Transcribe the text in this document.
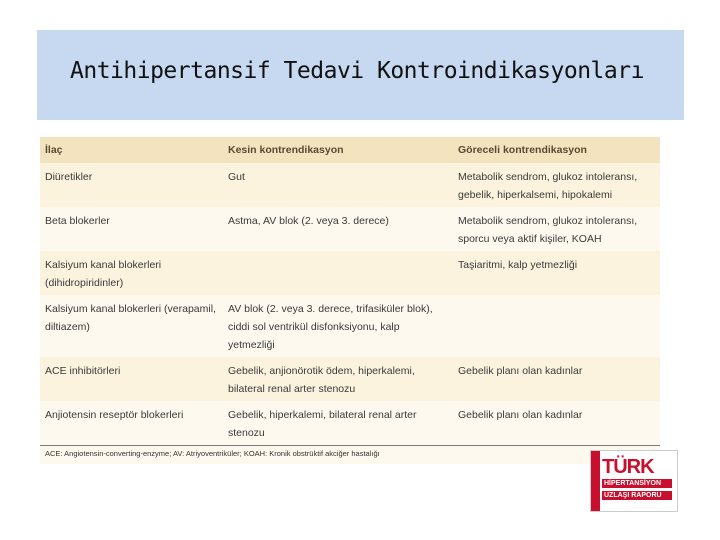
Antihipertansif Tedavi Kontroindikasyonları
İlaç	Kesin kontrendikasyon	Göreceli kontrendikasyon
Diüretikler	Gut	Metabolik sendrom, glukoz intoleransı, gebelik, hiperkalsemi, hipokalemi
Beta blokerler	Astma, AV blok (2. veya 3. derece)	Metabolik sendrom, glukoz intoleransı, sporcu veya aktif kişiler, KOAH
Kalsiyum kanal blokerleri (dihidropiridinler)		Taşiaritmi, kalp yetmezliği
Kalsiyum kanal blokerleri (verapamil, diltiazem)	AV blok (2. veya 3. derece, trifasiküler blok), ciddi sol ventrikül disfonksiyonu, kalp yetmezliği	
ACE inhibitörleri	Gebelik, anjionörotik ödem, hiperkalemi, bilateral renal arter stenozu	Gebelik planı olan kadınlar
Anjiotensin reseptör blokerleri	Gebelik, hiperkalemi, bilateral renal arter stenozu	Gebelik planı olan kadınlar
ACE: Angiotensin-converting-enzyme; AV: Atriyoventriküler; KOAH: Kronik obstrüktif akciğer hastalığı
TÜRK
HİPERTANSİYON
UZLAŞI RAPORU
